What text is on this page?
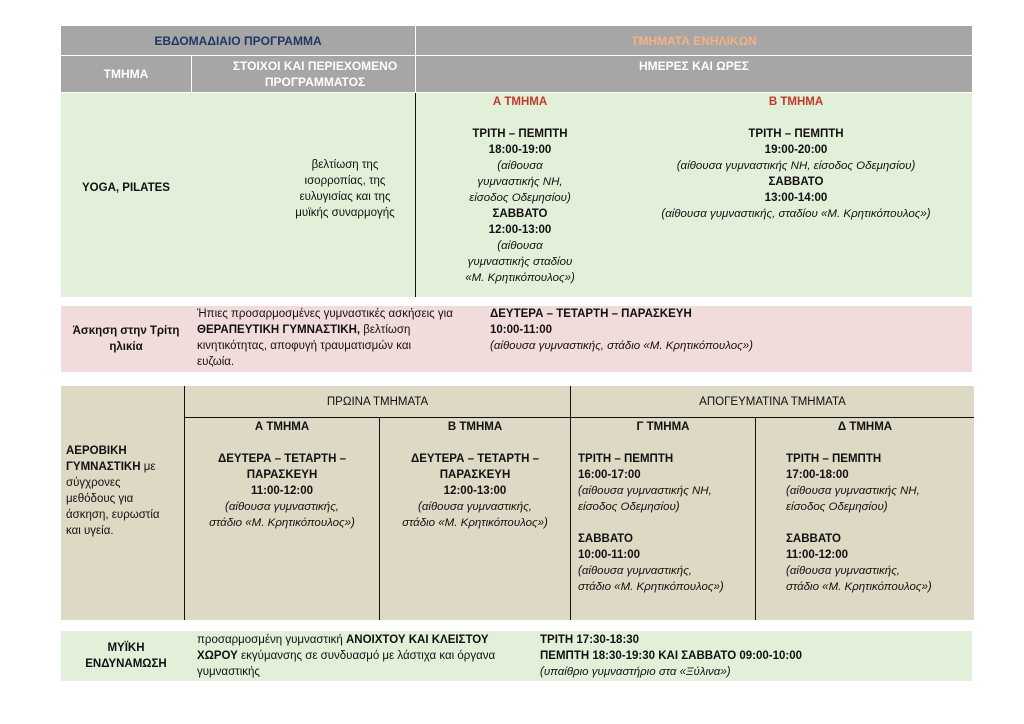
ΕΒΔΟΜΑΔΙΑΙΟ ΠΡΟΓΡΑΜΜΑ	ΤΜΗΜΑΤΑ ΕΝΗΛΙΚΩΝ
ΤΜΗΜΑ
ΣΤΟΙΧΟΙ ΚΑΙ ΠΕΡΙΕΧΟΜΕΝΟ ΠΡΟΓΡΑΜΜΑΤΟΣ
ΗΜΕΡΕΣ ΚΑΙ ΩΡΕΣ
YOGA, PILATES

βελτίωση της

ισορροπίας, της

ευλυγισίας και της

μυϊκής συναρμογής

Α ΤΜΗΜΑ

ΤΡΙΤΗ – ΠΕΜΠΤΗ

18:00-19:00

(αίθουσα

γυμναστικής ΝΗ,

είσοδος Οδεμησίου)

ΣΑΒΒΑΤΟ

12:00-13:00

(αίθουσα

γυμναστικής σταδίου

«Μ. Κρητικόπουλος»)

Β ΤΜΗΜΑ

ΤΡΙΤΗ – ΠΕΜΠΤΗ

19:00-20:00

(αίθουσα γυμναστικής ΝΗ, είσοδος Οδεμησίου)

ΣΑΒΒΑΤΟ

13:00-14:00

(αίθουσα γυμναστικής, σταδίου «Μ. Κρητικόπουλος»)

Άσκηση στην Τρίτη

ηλικία

Ήπιες προσαρμοσμένες γυμναστικές ασκήσεις για

ΘΕΡΑΠΕΥΤΙΚΗ ΓΥΜΝΑΣΤΙΚΗ, βελτίωση

κινητικότητας, αποφυγή τραυματισμών και

ευζωία.

ΔΕΥΤΕΡΑ – ΤΕΤΑΡΤΗ – ΠΑΡΑΣΚΕΥΗ

10:00-11:00

(αίθουσα γυμναστικής, στάδιο «Μ. Κρητικόπουλος»)

ΑΕΡΟΒΙΚΗ

ΓΥΜΝΑΣΤΙΚΗ με

σύγχρονες

μεθόδους για

άσκηση, ευρωστία

και υγεία.

ΠΡΩΙΝΑ ΤΜΗΜΑΤΑ	ΑΠΟΓΕΥΜΑΤΙΝΑ ΤΜΗΜΑΤΑ

Α ΤΜΗΜΑ

ΔΕΥΤΕΡΑ – ΤΕΤΑΡΤΗ –

ΠΑΡΑΣΚΕΥΗ

11:00-12:00

(αίθουσα γυμναστικής,

στάδιο «Μ. Κρητικόπουλος»)

Β ΤΜΗΜΑ

ΔΕΥΤΕΡΑ – ΤΕΤΑΡΤΗ –

ΠΑΡΑΣΚΕΥΗ

12:00-13:00

(αίθουσα γυμναστικής,

στάδιο «Μ. Κρητικόπουλος»)

Γ ΤΜΗΜΑ

ΤΡΙΤΗ – ΠΕΜΠΤΗ

16:00-17:00

(αίθουσα γυμναστικής ΝΗ,

είσοδος Οδεμησίου)

ΣΑΒΒΑΤΟ

10:00-11:00

(αίθουσα γυμναστικής,

στάδιο «Μ. Κρητικόπουλος»)

Δ ΤΜΗΜΑ

ΤΡΙΤΗ – ΠΕΜΠΤΗ

17:00-18:00

(αίθουσα γυμναστικής ΝΗ,

είσοδος Οδεμησίου)

ΣΑΒΒΑΤΟ

11:00-12:00

(αίθουσα γυμναστικής,

στάδιο «Μ. Κρητικόπουλος»)

ΜΥΪΚΗ

ΕΝΔΥΝΑΜΩΣΗ

προσαρμοσμένη γυμναστική ΑΝΟΙΧΤΟΥ ΚΑΙ ΚΛΕΙΣΤΟΥ

ΧΩΡΟΥ εκγύμανσης σε συνδυασμό με λάστιχα και όργανα

γυμναστικής

ΤΡΙΤΗ 17:30-18:30

ΠΕΜΠΤΗ 18:30-19:30 ΚΑΙ ΣΑΒΒΑΤΟ 09:00-10:00

(υπαίθριο γυμναστήριο στα «Ξύλινα»)
